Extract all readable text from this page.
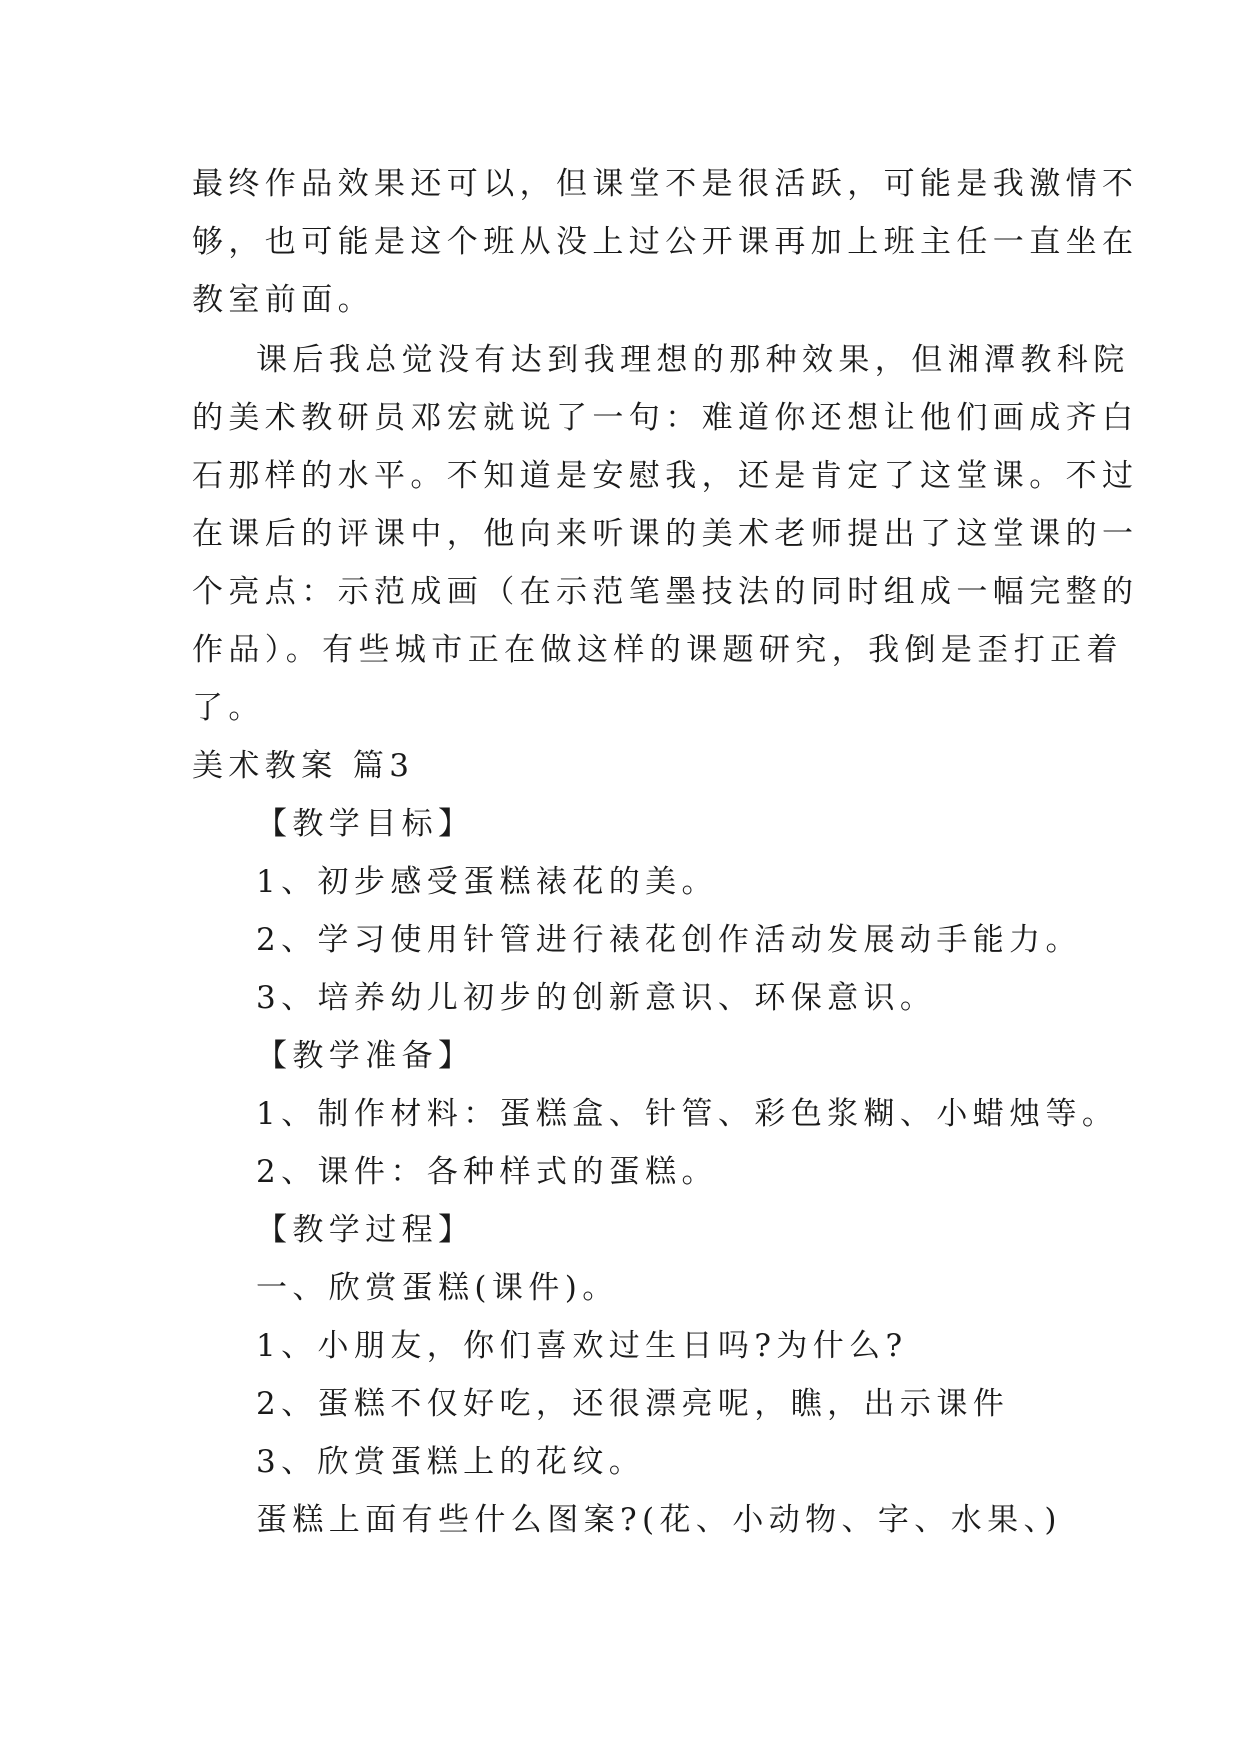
最终作品效果还可以，但课堂不是很活跃，可能是我激情不
够，也可能是这个班从没上过公开课再加上班主任一直坐在
教室前面。
课后我总觉没有达到我理想的那种效果，但湘潭教科院
的美术教研员邓宏就说了一句：难道你还想让他们画成齐白
石那样的水平。不知道是安慰我，还是肯定了这堂课。不过
在课后的评课中，他向来听课的美术老师提出了这堂课的一
个亮点：示范成画（在示范笔墨技法的同时组成一幅完整的
作品）。有些城市正在做这样的课题研究，我倒是歪打正着
了。
美术教案 篇3
【教学目标】
1、初步感受蛋糕裱花的美。
2、学习使用针管进行裱花创作活动发展动手能力。
3、培养幼儿初步的创新意识、环保意识。
【教学准备】
1、制作材料：蛋糕盒、针管、彩色浆糊、小蜡烛等。
2、课件：各种样式的蛋糕。
【教学过程】
一、欣赏蛋糕(课件)。
1、小朋友，你们喜欢过生日吗?为什么?
2、蛋糕不仅好吃，还很漂亮呢，瞧，出示课件
3、欣赏蛋糕上的花纹。
蛋糕上面有些什么图案?(花、小动物、字、水果、)
